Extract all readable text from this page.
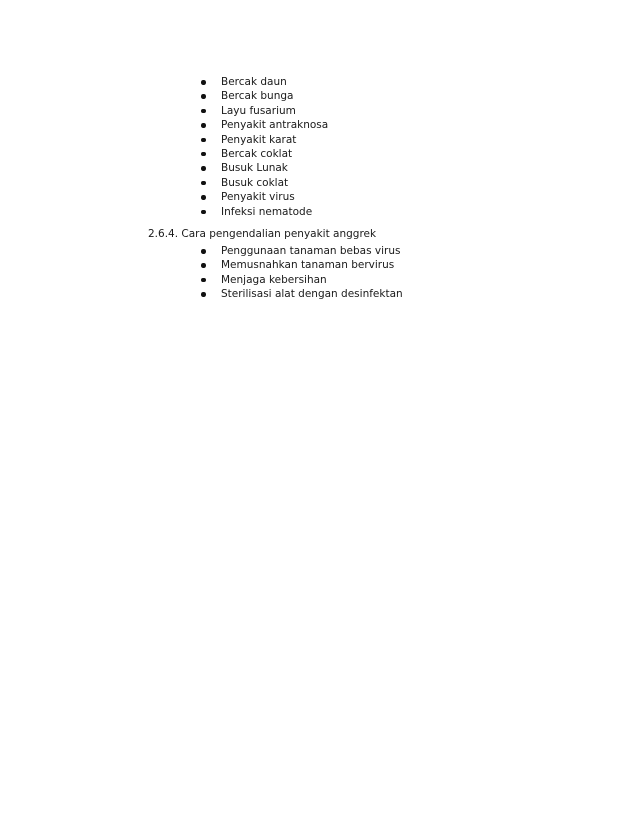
Bercak daun
Bercak bunga
Layu fusarium
Penyakit antraknosa
Penyakit karat
Bercak coklat
Busuk Lunak
Busuk coklat
Penyakit virus
Infeksi nematode
2.6.4. Cara pengendalian penyakit anggrek
Penggunaan tanaman bebas virus
Memusnahkan tanaman bervirus
Menjaga kebersihan
Sterilisasi alat dengan desinfektan
